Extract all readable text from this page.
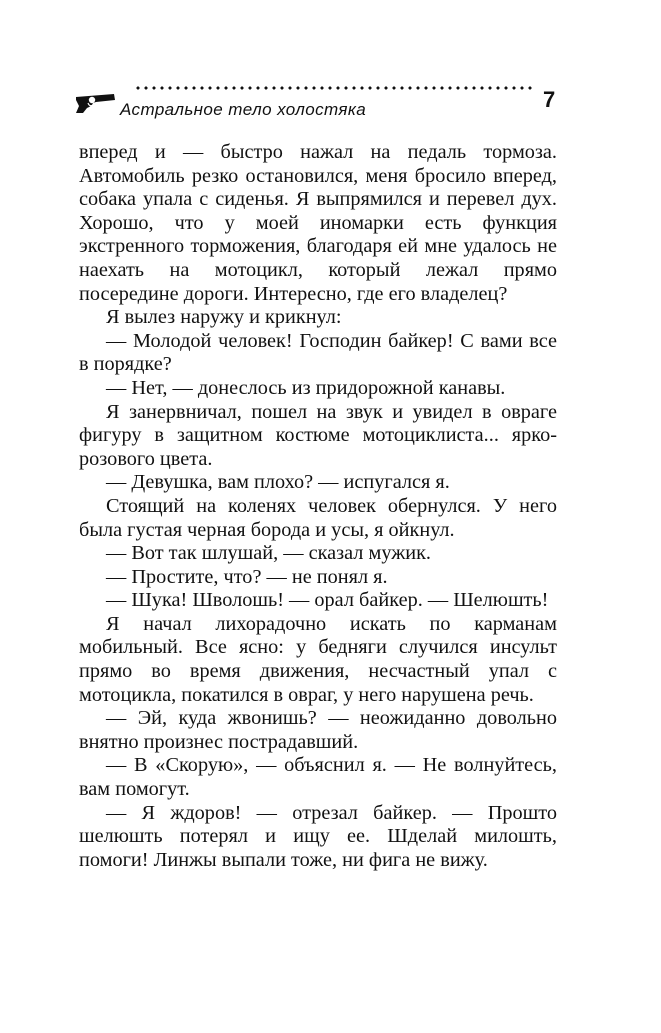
Астральное тело холостяка	7

вперед и — быстро нажал на педаль тормоза. Автомобиль резко остановился, меня бросило вперед, собака упала с сиденья. Я выпрямился и перевел дух. Хорошо, что у моей иномарки есть функция экстренного торможения, благодаря ей мне удалось не наехать на мотоцикл, который лежал прямо посередине дороги. Интересно, где его владелец?

Я вылез наружу и крикнул:

— Молодой человек! Господин байкер! С вами все в порядке?

— Нет, — донеслось из придорожной канавы.

Я занервничал, пошел на звук и увидел в овраге фигуру в защитном костюме мотоциклиста... ярко-розового цвета.

— Девушка, вам плохо? — испугался я.

Стоящий на коленях человек обернулся. У него была густая черная борода и усы, я ойкнул.

— Вот так шлушай, — сказал мужик.

— Простите, что? — не понял я.

— Шука! Шволошь! — орал байкер. — Шелюшть!

Я начал лихорадочно искать по карманам мобильный. Все ясно: у бедняги случился инсульт прямо во время движения, несчастный упал с мотоцикла, покатился в овраг, у него нарушена речь.

— Эй, куда жвонишь? — неожиданно довольно внятно произнес пострадавший.

— В «Скорую», — объяснил я. — Не волнуйтесь, вам помогут.

— Я ждоров! — отрезал байкер. — Прошто шелюшть потерял и ищу ее. Шделай милошть, помоги! Линжы выпали тоже, ни фига не вижу.
